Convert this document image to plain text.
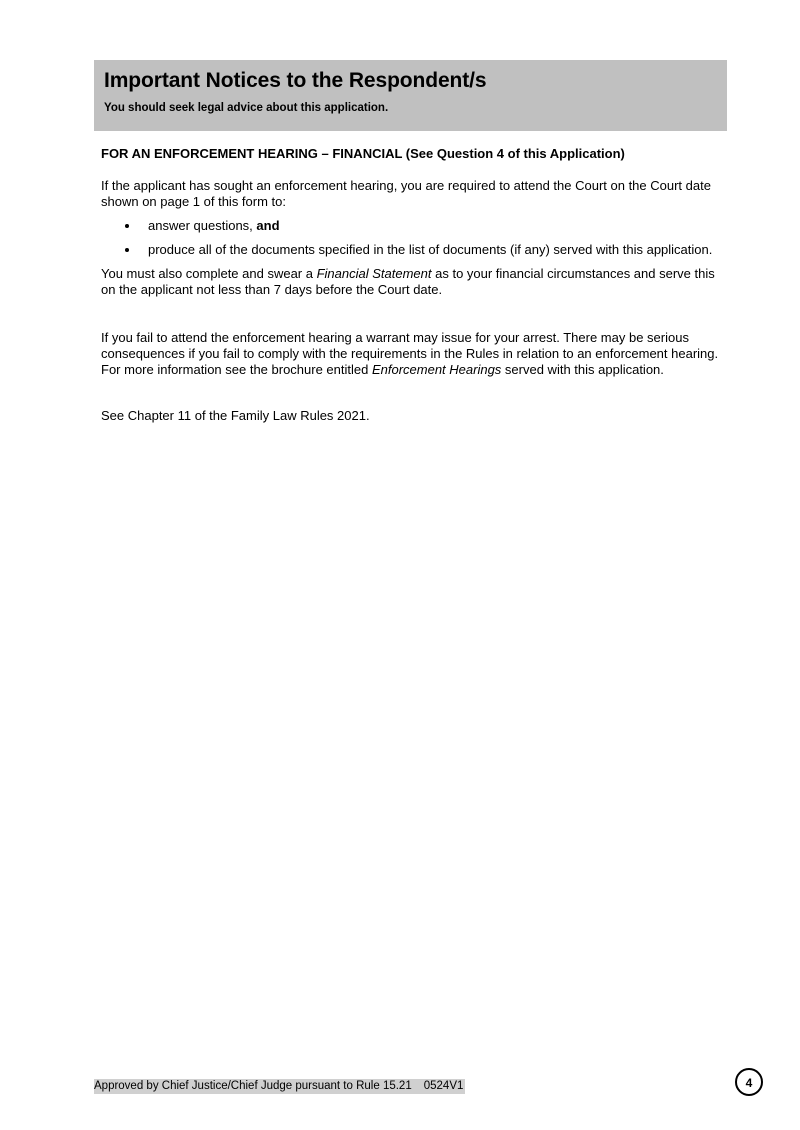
Important Notices to the Respondent/s
You should seek legal advice about this application.
FOR AN ENFORCEMENT HEARING – FINANCIAL (See Question 4 of this Application)

If the applicant has sought an enforcement hearing, you are required to attend the Court on the Court date shown on page 1 of this form to:

answer questions, and
produce all of the documents specified in the list of documents (if any) served with this application.

You must also complete and swear a Financial Statement as to your financial circumstances and serve this on the applicant not less than 7 days before the Court date.

If you fail to attend the enforcement hearing a warrant may issue for your arrest. There may be serious consequences if you fail to comply with the requirements in the Rules in relation to an enforcement hearing. For more information see the brochure entitled Enforcement Hearings served with this application.

See Chapter 11 of the Family Law Rules 2021.

Approved by Chief Justice/Chief Judge pursuant to Rule 15.21 0524V1	4
